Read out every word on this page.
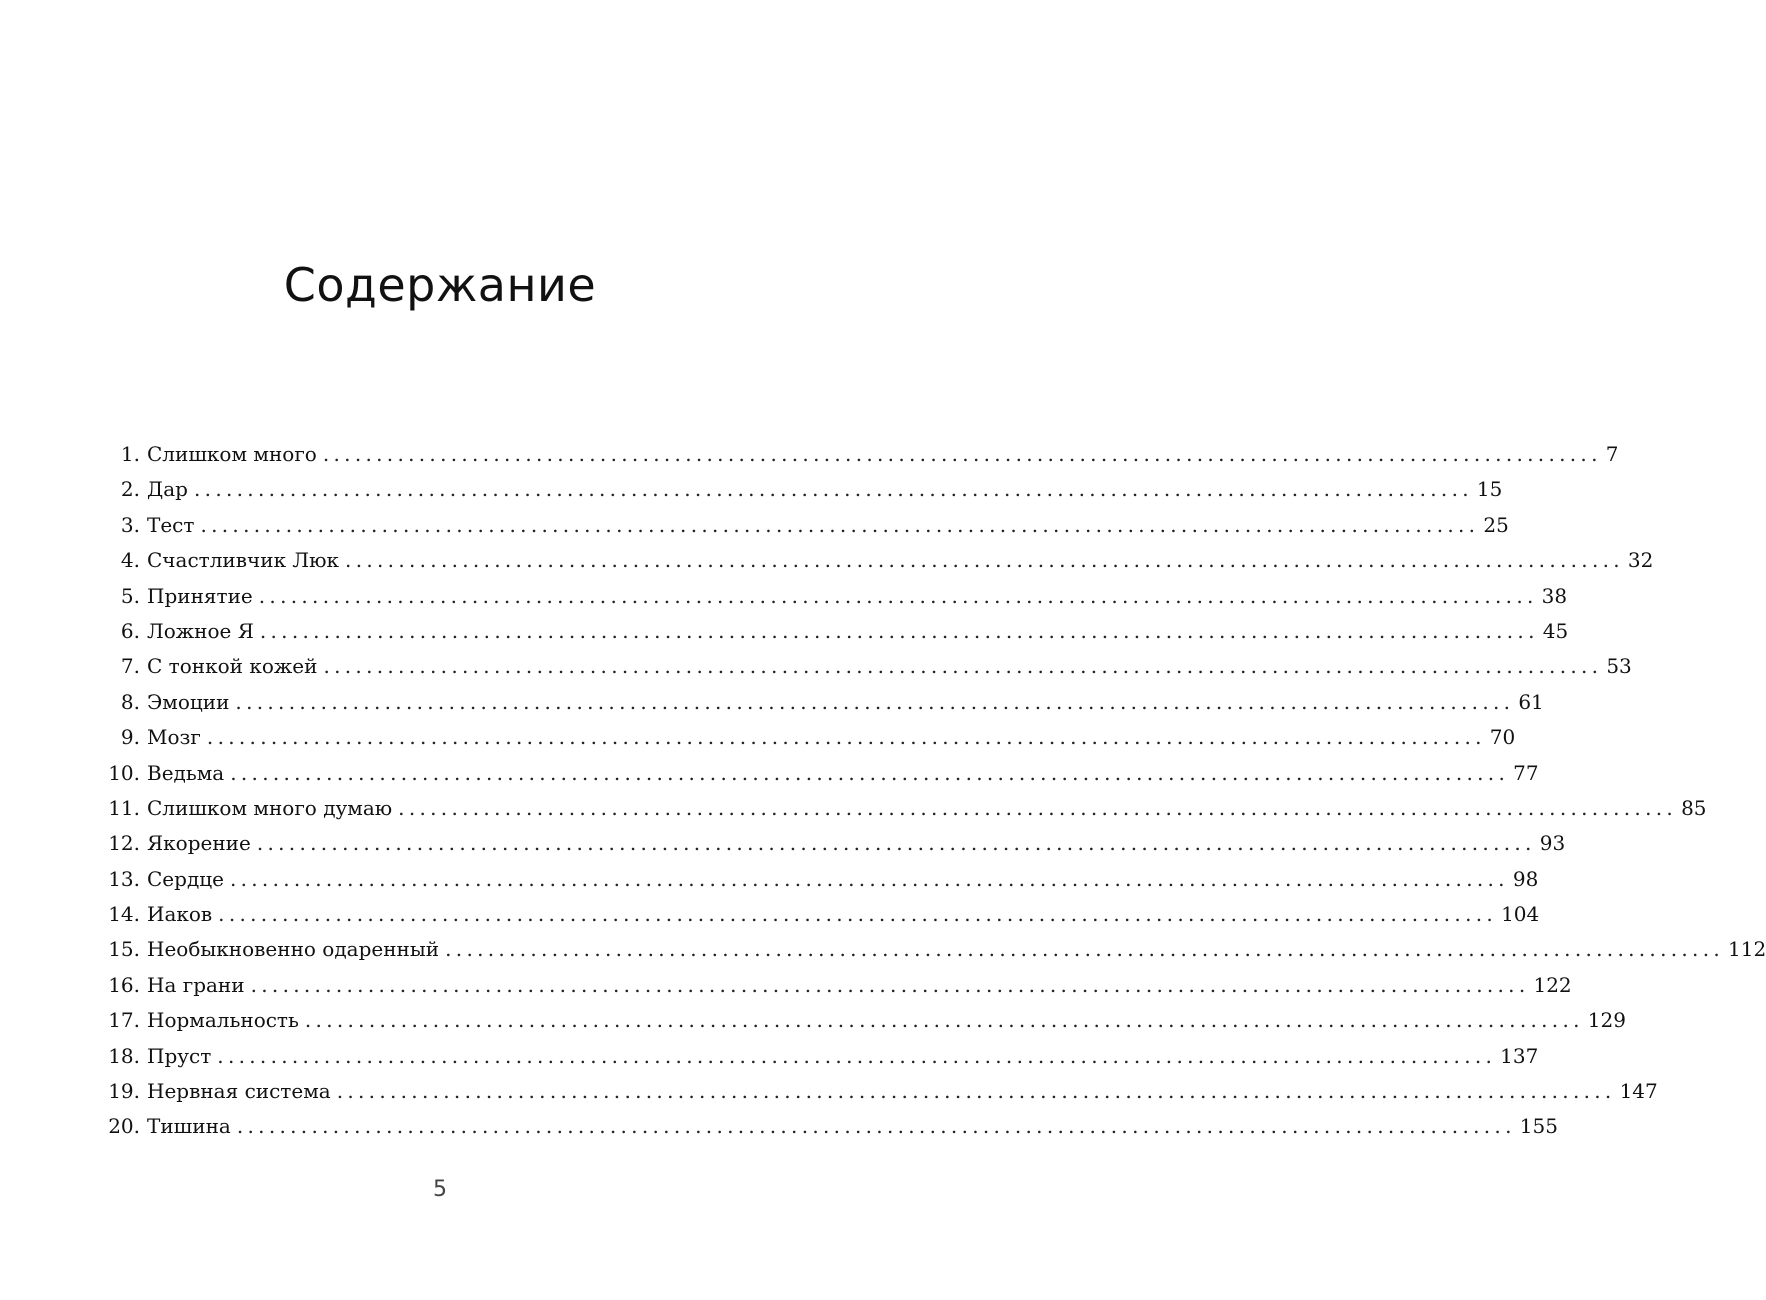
Содержание
1. Слишком много ........................................................................................................................ 7
2. Дар ........................................................................................................................ 15
3. Тест ........................................................................................................................ 25
4. Счастливчик Люк ........................................................................................................................ 32
5. Принятие ........................................................................................................................ 38
6. Ложное Я ........................................................................................................................ 45
7. С тонкой кожей ........................................................................................................................ 53
8. Эмоции ........................................................................................................................ 61
9. Мозг ........................................................................................................................ 70
10. Ведьма ........................................................................................................................ 77
11. Слишком много думаю ........................................................................................................................ 85
12. Якорение ........................................................................................................................ 93
13. Сердце ........................................................................................................................ 98
14. Иаков ........................................................................................................................ 104
15. Необыкновенно одаренный ........................................................................................................................ 112
16. На грани ........................................................................................................................ 122
17. Нормальность ........................................................................................................................ 129
18. Пруст ........................................................................................................................ 137
19. Нервная система ........................................................................................................................ 147
20. Тишина ........................................................................................................................ 155
5
